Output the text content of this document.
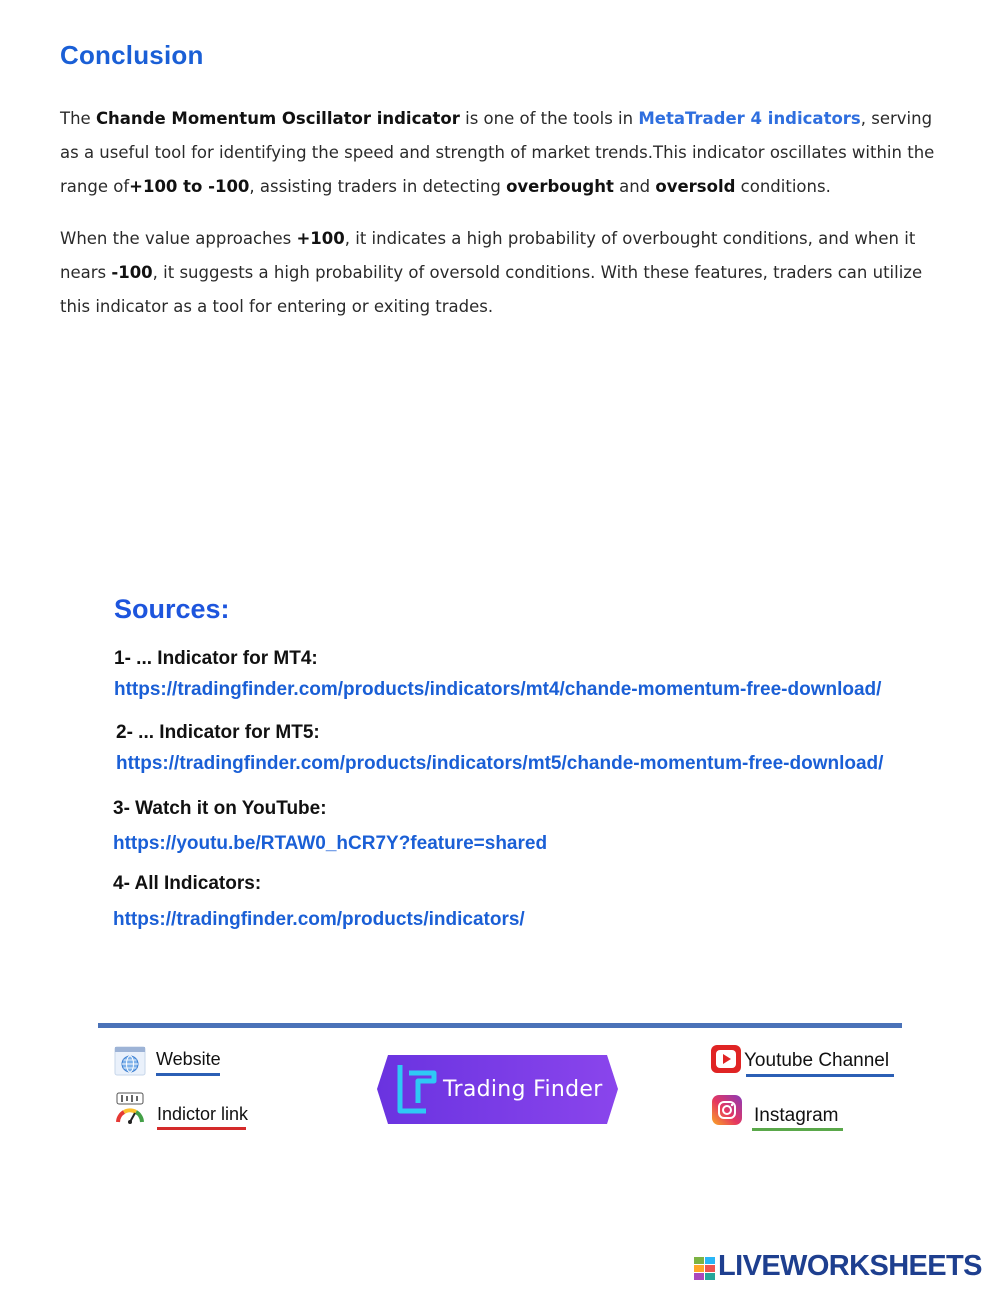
Conclusion
The Chande Momentum Oscillator indicator is one of the tools in MetaTrader 4 indicators, serving as a useful tool for identifying the speed and strength of market trends.This indicator oscillates within the range of+100 to -100, assisting traders in detecting overbought and oversold conditions.
When the value approaches +100, it indicates a high probability of overbought conditions, and when it nears -100, it suggests a high probability of oversold conditions. With these features, traders can utilize this indicator as a tool for entering or exiting trades.
Sources:
1- ... Indicator for MT4:
https://tradingfinder.com/products/indicators/mt4/chande-momentum-free-download/
2- ... Indicator for MT5:
https://tradingfinder.com/products/indicators/mt5/chande-momentum-free-download/
3- Watch it on YouTube:
https://youtu.be/RTAW0_hCR7Y?feature=shared
4- All Indicators:
https://tradingfinder.com/products/indicators/
Website
Indictor link
Trading Finder
Youtube Channel
Instagram
LIVEWORKSHEETS
